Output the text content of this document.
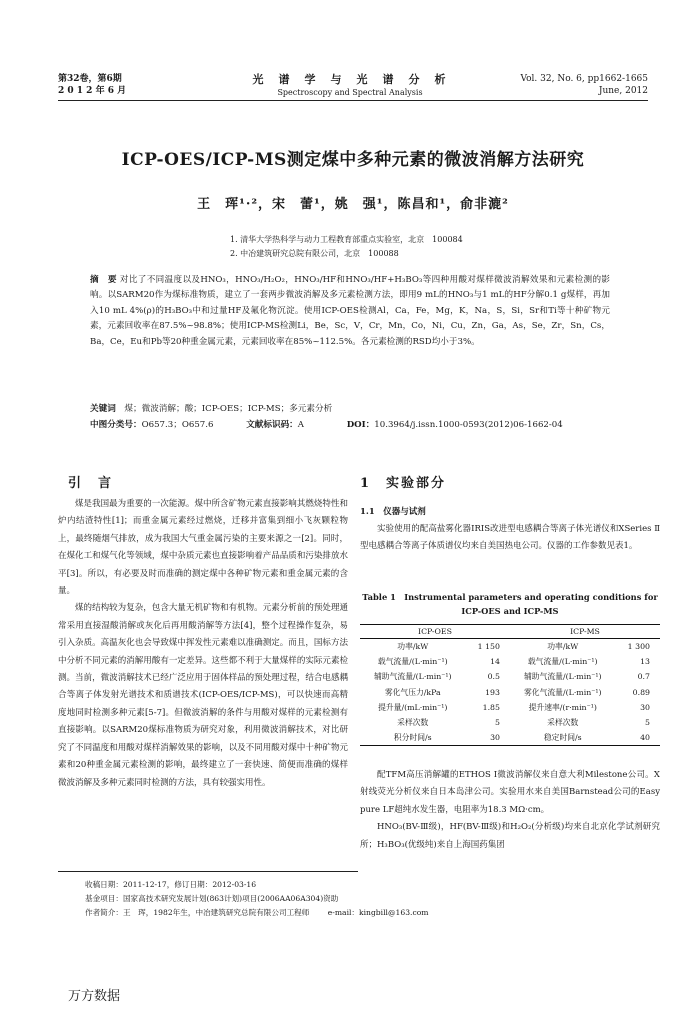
第32卷，第6期
2 0 1 2 年 6 月
光　谱　学　与　光　谱　分　析
Spectroscopy and Spectral Analysis
Vol. 32, No. 6, pp1662-1665
June, 2012
ICP-OES/ICP-MS测定煤中多种元素的微波消解方法研究
王　珲¹·²，宋　蕾¹，姚　强¹，陈昌和¹，俞非漉²
1. 清华大学热科学与动力工程教育部重点实验室，北京　100084
2. 中冶建筑研究总院有限公司，北京　100088
摘　要 对比了不同温度以及HNO₃，HNO₃/H₂O₂，HNO₃/HF和HNO₃/HF+H₃BO₃等四种用酸对煤样微波消解效果和元素检测的影响。以SARM20作为煤标准物质，建立了一套两步微波消解及多元素检测方法，即用9 mL的HNO₃与1 mL的HF分解0.1 g煤样，再加入10 mL 4%(ρ)的H₃BO₃中和过量HF及氟化物沉淀。使用ICP-OES检测Al，Ca，Fe，Mg，K，Na，S，Si，Sr和Ti等十种矿物元素，元素回收率在87.5%~98.8%；使用ICP-MS检测Li，Be，Sc，V，Cr，Mn，Co，Ni，Cu，Zn，Ga，As，Se，Zr，Sn，Cs，Ba，Ce，Eu和Pb等20种重金属元素，元素回收率在85%~112.5%。各元素检测的RSD均小于3%。
关键词　 煤；微波消解；酸；ICP-OES；ICP-MS；多元素分析
中图分类号：O657.3；O657.6	文献标识码：A	DOI：10.3964/j.issn.1000-0593(2012)06-1662-04
引　言

煤是我国最为重要的一次能源。煤中所含矿物元素直接影响其燃烧特性和炉内结渣特性[1]；而重金属元素经过燃烧，迁移并富集到细小飞灰颗粒物上，最终随烟气排放，成为我国大气重金属污染的主要来源之一[2]。同时，在煤化工和煤气化等领域，煤中杂质元素也直接影响着产品品质和污染排放水平[3]。所以，有必要及时而准确的测定煤中各种矿物元素和重金属元素的含量。

煤的结构较为复杂，包含大量无机矿物和有机物。元素分析前的预处理通常采用直接湿酸消解或灰化后再用酸消解等方法[4]，整个过程操作复杂，易引入杂质。高温灰化也会导致煤中挥发性元素难以准确测定。而且，国标方法中分析不同元素的消解用酸有一定差异。这些都不利于大量煤样的实际元素检测。当前，微波消解技术已经广泛应用于固体样品的预处理过程，结合电感耦合等离子体发射光谱技术和质谱技术(ICP-OES/ICP-MS)，可以快速而高精度地同时检测多种元素[5-7]。但微波消解的条件与用酸对煤样的元素检测有直接影响。以SARM20煤标准物质为研究对象，利用微波消解技术，对比研究了不同温度和用酸对煤样消解效果的影响，以及不同用酸对煤中十种矿物元素和20种重金属元素检测的影响，最终建立了一套快速、简便而准确的煤样微波消解及多种元素同时检测的方法，具有较强实用性。

1　实验部分
1.1　仪器与试剂

实验使用的配高盐雾化器IRIS改进型电感耦合等离子体光谱仪和XSeries Ⅱ型电感耦合等离子体质谱仪均来自美国热电公司。仪器的工作参数见表1。

Table 1　 Instrumental parameters and operating conditions for ICP-OES and ICP-MS
ICP-OES		ICP-MS	
功率/kW	1 150	功率/kW	1 300
载气流量/(L·min⁻¹)	14	载气流量/(L·min⁻¹)	13
辅助气流量/(L·min⁻¹)	0.5	辅助气流量/(L·min⁻¹)	0.7
雾化气压力/kPa	193	雾化气流量/(L·min⁻¹)	0.89
提升量/(mL·min⁻¹)	1.85	提升速率/(r·min⁻¹)	30
采样次数	5	采样次数	5
积分时间/s	30	稳定时间/s	40

配TFM高压消解罐的ETHOS Ⅰ微波消解仪来自意大利Milestone公司。X射线荧光分析仪来自日本岛津公司。实验用水来自美国Barnstead公司的Easy pure LF超纯水发生器，电阻率为18.3 MΩ·cm。

HNO₃(BV-Ⅲ级)，HF(BV-Ⅲ级)和H₂O₂(分析级)均来自北京化学试剂研究所；H₃BO₃(优级纯)来自上海国药集团

收稿日期：2011-12-17，修订日期：2012-03-16
基金项目：国家高技术研究发展计划(863计划)项目(2006AA06A304)资助
作者简介：王　珲，1982年生，中冶建筑研究总院有限公司工程师 e-mail：kingbill@163.com
万方数据
